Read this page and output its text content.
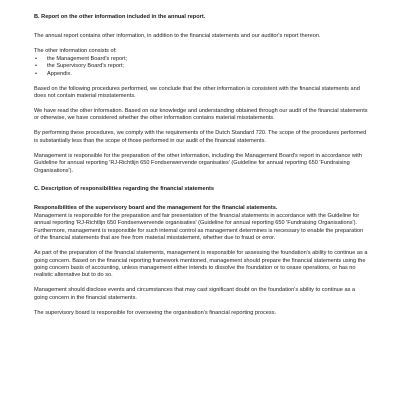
B. Report on the other information included in the annual report.

The annual report contains other information, in addition to the financial statements and our auditor's report thereon.

The other information consists of:

• the Management Board's report;
• the Supervisory Board's report;
• Appendix.

Based on the following procedures performed, we conclude that the other information is consistent with the financial statements and does not contain material misstatements.

We have read the other information. Based on our knowledge and understanding obtained through our audit of the financial statements or otherwise, we have considered whether the other information contains material misstatements.

By performing these procedures, we comply with the requirements of the Dutch Standard 720. The scope of the procedures performed is substantially less than the scope of those performed in our audit of the financial statements.

Management is responsible for the preparation of the other information, including the Management Board's report in accordance with Guideline for annual reporting 'RJ-Richtlijn 650 Fondsenwervende organisaties' (Guideline for annual reporting 650 'Fundraising Organisations').

C. Description of responsibilities regarding the financial statements
Responsibilities of the supervisory board and the management for the financial statements.

Management is responsible for the preparation and fair presentation of the financial statements in accordance with the Guideline for annual reporting 'RJ-Richtlijn 650 Fondsenwervende organisaties' (Guideline for annual reporting 650 'Fundraising Organisations'). Furthermore, management is responsible for such internal control as management determines is necessary to enable the preparation of the financial statements that are free from material misstatement, whether due to fraud or error.

As part of the preparation of the financial statements, management is responsible for assessing the foundation's ability to continue as a going concern. Based on the financial reporting framework mentioned, management should prepare the financial statements using the going concern basis of accounting, unless management either intends to dissolve the foundation or to cease operations, or has no realistic alternative but to do so.

Management should disclose events and circumstances that may cast significant doubt on the foundation's ability to continue as a going concern in the financial statements.

The supervisory board is responsible for overseeing the organisation's financial reporting process.
